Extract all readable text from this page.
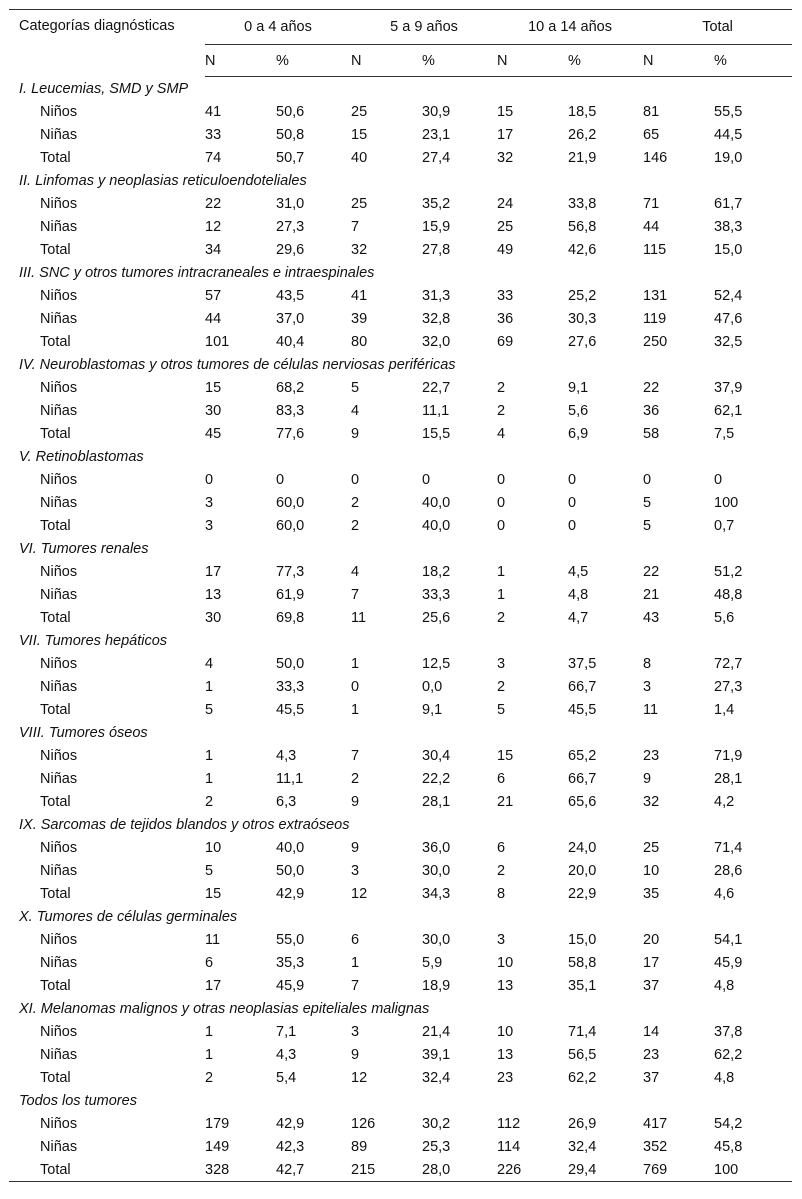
Categorías diagnósticas	0 a 4 años		5 a 9 años		10 a 14 años		Total	
	N	%	N	%	N	%	N	%
I. Leucemias, SMD y SMP								
Niños	41	50,6	25	30,9	15	18,5	81	55,5
Niñas	33	50,8	15	23,1	17	26,2	65	44,5
Total	74	50,7	40	27,4	32	21,9	146	19,0
II. Linfomas y neoplasias reticuloendoteliales								
Niños	22	31,0	25	35,2	24	33,8	71	61,7
Niñas	12	27,3	7	15,9	25	56,8	44	38,3
Total	34	29,6	32	27,8	49	42,6	115	15,0
III. SNC y otros tumores intracraneales e intraespinales								
Niños	57	43,5	41	31,3	33	25,2	131	52,4
Niñas	44	37,0	39	32,8	36	30,3	119	47,6
Total	101	40,4	80	32,0	69	27,6	250	32,5
IV. Neuroblastomas y otros tumores de células nerviosas periféricas								
Niños	15	68,2	5	22,7	2	9,1	22	37,9
Niñas	30	83,3	4	11,1	2	5,6	36	62,1
Total	45	77,6	9	15,5	4	6,9	58	7,5
V. Retinoblastomas								
Niños	0	0	0	0	0	0	0	0
Niñas	3	60,0	2	40,0	0	0	5	100
Total	3	60,0	2	40,0	0	0	5	0,7
VI. Tumores renales								
Niños	17	77,3	4	18,2	1	4,5	22	51,2
Niñas	13	61,9	7	33,3	1	4,8	21	48,8
Total	30	69,8	11	25,6	2	4,7	43	5,6
VII. Tumores hepáticos								
Niños	4	50,0	1	12,5	3	37,5	8	72,7
Niñas	1	33,3	0	0,0	2	66,7	3	27,3
Total	5	45,5	1	9,1	5	45,5	11	1,4
VIII. Tumores óseos								
Niños	1	4,3	7	30,4	15	65,2	23	71,9
Niñas	1	11,1	2	22,2	6	66,7	9	28,1
Total	2	6,3	9	28,1	21	65,6	32	4,2
IX. Sarcomas de tejidos blandos y otros extraóseos								
Niños	10	40,0	9	36,0	6	24,0	25	71,4
Niñas	5	50,0	3	30,0	2	20,0	10	28,6
Total	15	42,9	12	34,3	8	22,9	35	4,6
X. Tumores de células germinales								
Niños	11	55,0	6	30,0	3	15,0	20	54,1
Niñas	6	35,3	1	5,9	10	58,8	17	45,9
Total	17	45,9	7	18,9	13	35,1	37	4,8
XI. Melanomas malignos y otras neoplasias epiteliales malignas								
Niños	1	7,1	3	21,4	10	71,4	14	37,8
Niñas	1	4,3	9	39,1	13	56,5	23	62,2
Total	2	5,4	12	32,4	23	62,2	37	4,8
Todos los tumores								
Niños	179	42,9	126	30,2	112	26,9	417	54,2
Niñas	149	42,3	89	25,3	114	32,4	352	45,8
Total	328	42,7	215	28,0	226	29,4	769	100
